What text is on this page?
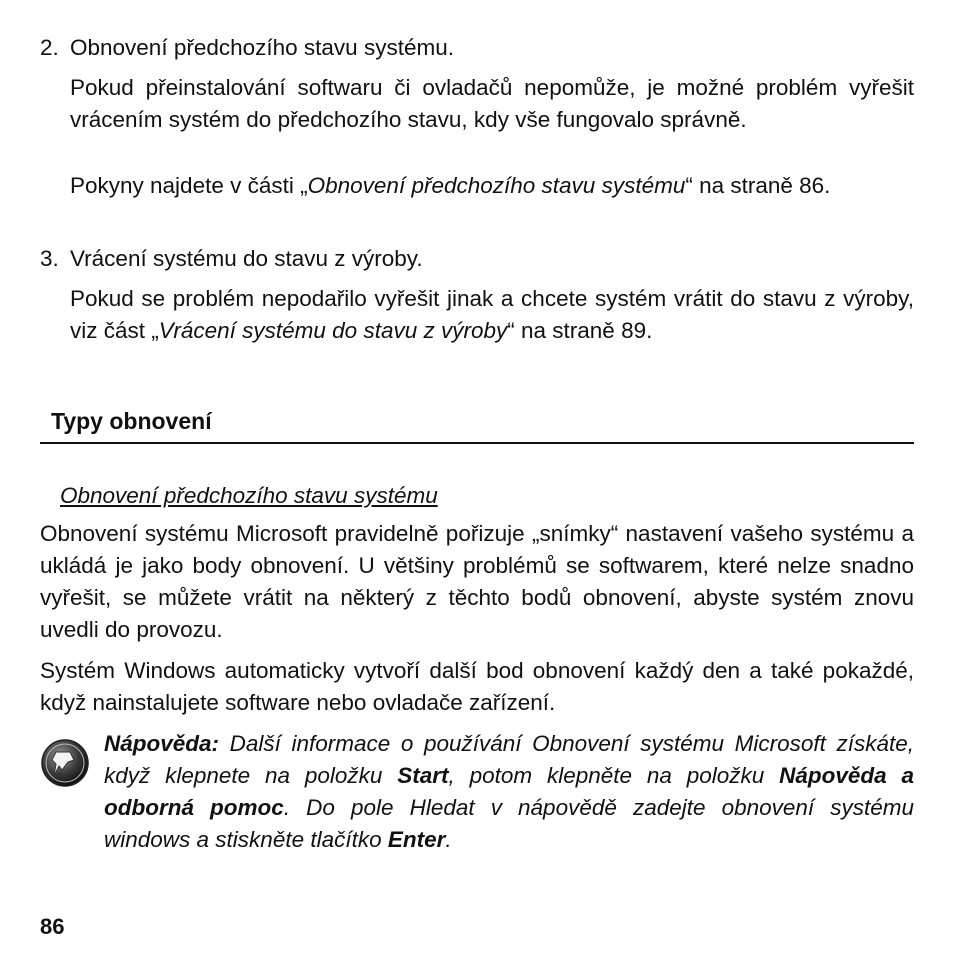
2. Obnovení předchozího stavu systému.

Pokud přeinstalování softwaru či ovladačů nepomůže, je možné problém vyřešit vrácením systém do předchozího stavu, kdy vše fungovalo správně.

Pokyny najdete v části „Obnovení předchozího stavu systému“ na straně 86.

3. Vrácení systému do stavu z výroby.

Pokud se problém nepodařilo vyřešit jinak a chcete systém vrátit do stavu z výroby, viz část „Vrácení systému do stavu z výroby“ na straně 89.

Typy obnovení
Obnovení předchozího stavu systému

Obnovení systému Microsoft pravidelně pořizuje „snímky“ nastavení vašeho systému a ukládá je jako body obnovení. U většiny problémů se softwarem, které nelze snadno vyřešit, se můžete vrátit na některý z těchto bodů obnovení, abyste systém znovu uvedli do provozu.

Systém Windows automaticky vytvoří další bod obnovení každý den a také pokaždé, když nainstalujete software nebo ovladače zařízení.

Nápověda: Další informace o používání Obnovení systému Microsoft získáte, když klepnete na položku Start, potom klepněte na položku Nápověda a odborná pomoc. Do pole Hledat v nápovědě zadejte obnovení systému windows a stiskněte tlačítko Enter.

86
